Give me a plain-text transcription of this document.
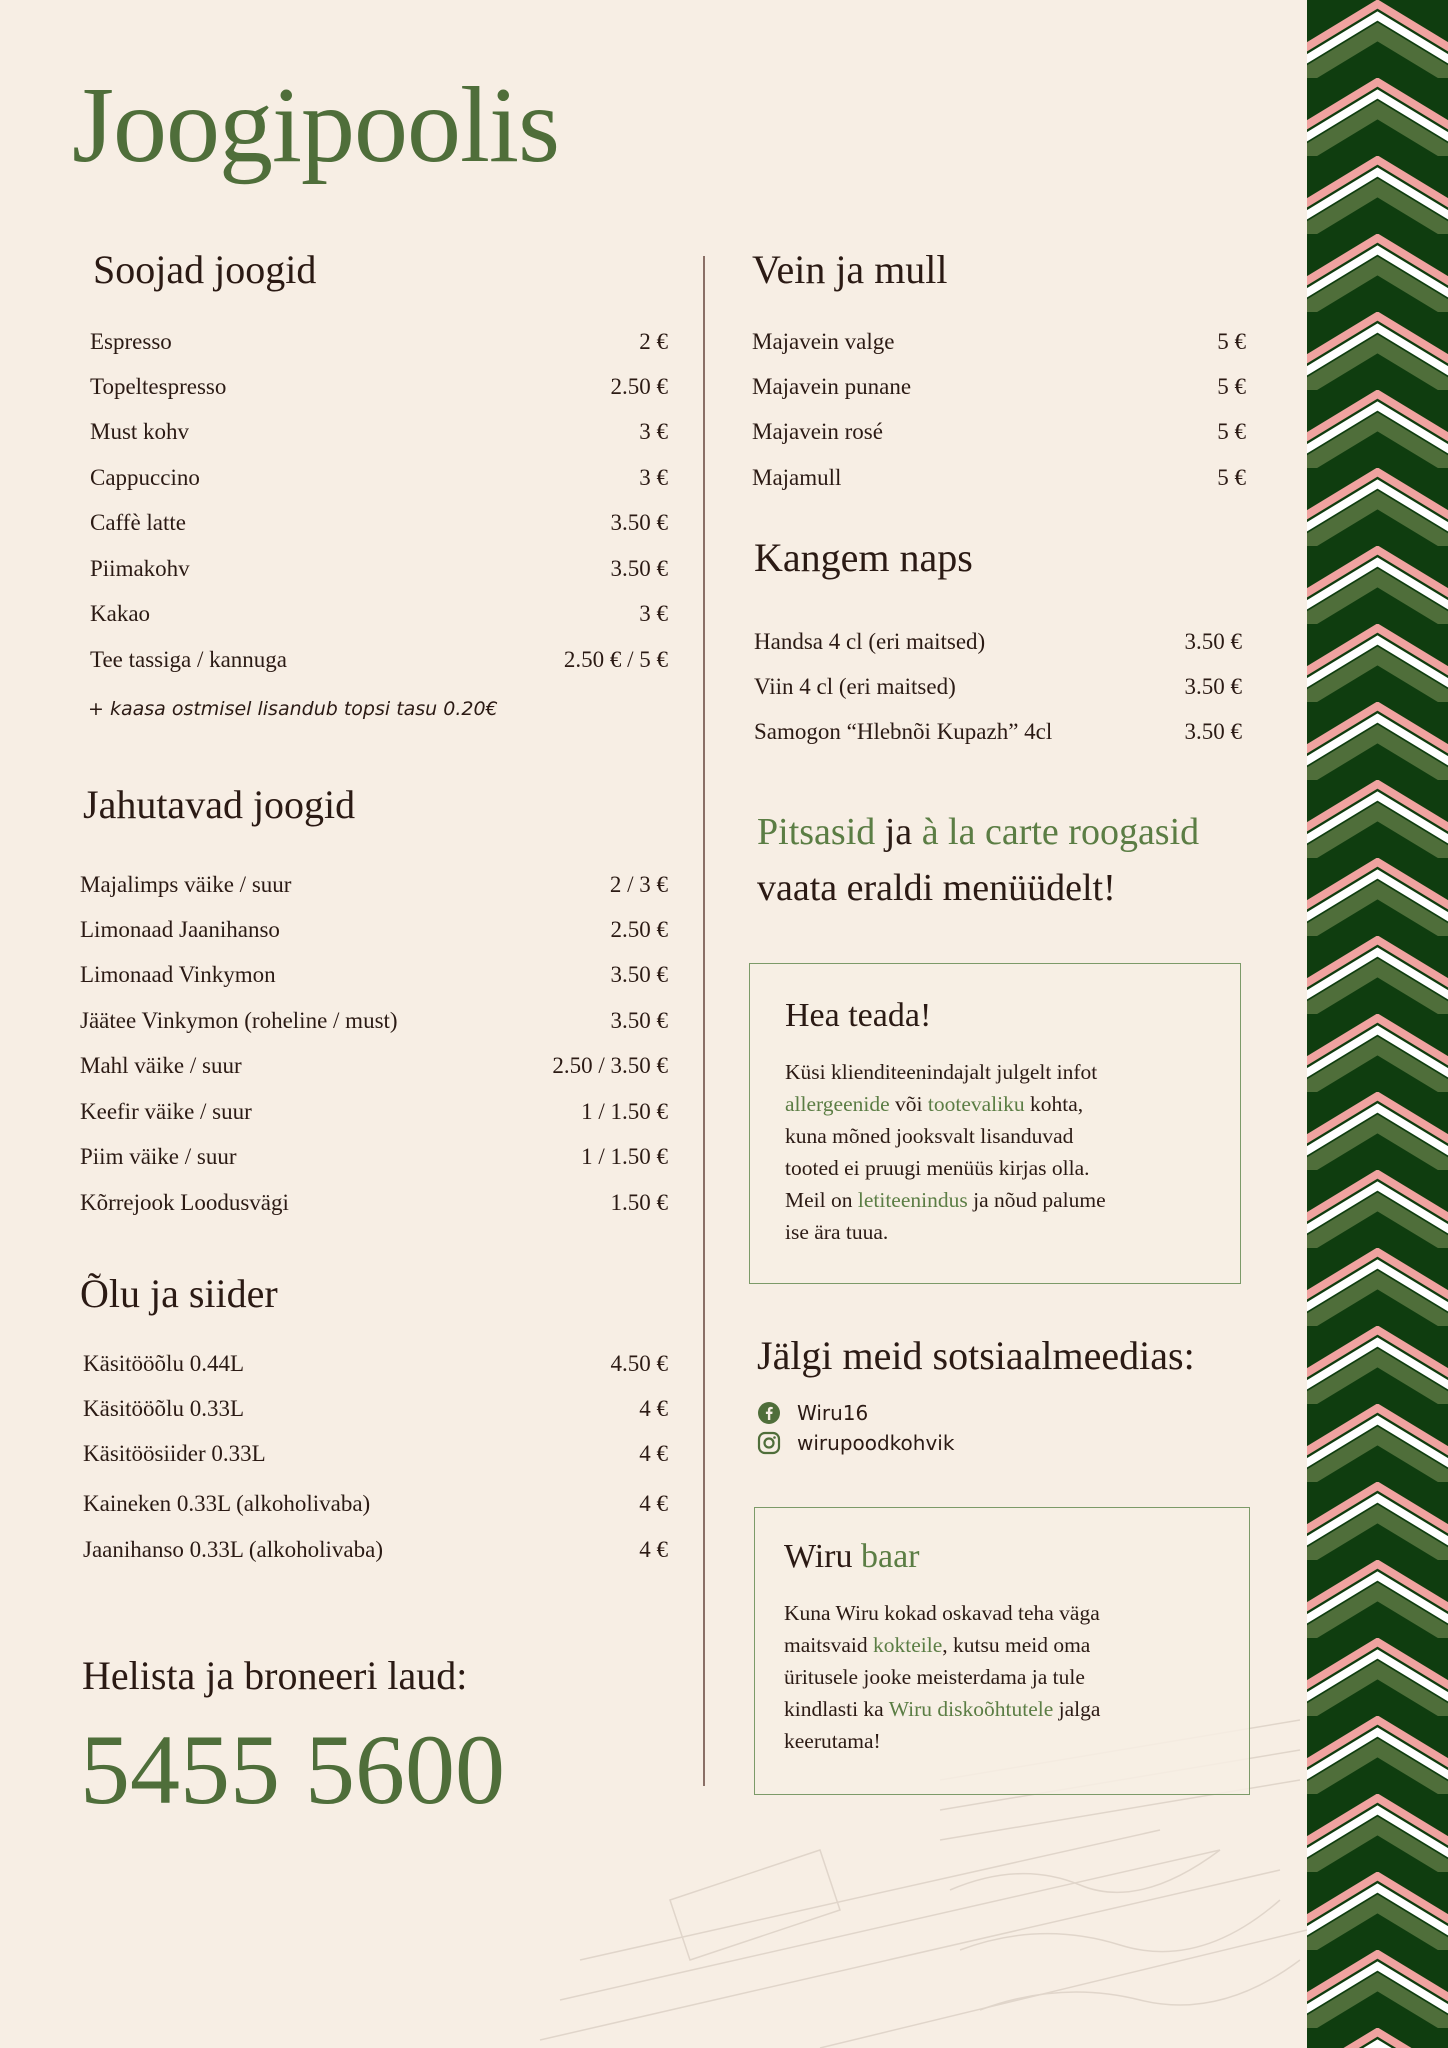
Joogipoolis
Soojad joogid
Espresso	2 €
Topeltespresso	2.50 €
Must kohv	3 €
Cappuccino	3 €
Caffè latte	3.50 €
Piimakohv	3.50 €
Kakao	3 €
Tee tassiga / kannuga	2.50 € / 5 €
+ kaasa ostmisel lisandub topsi tasu 0.20€
Jahutavad joogid
Majalimps väike / suur	2 / 3 €
Limonaad Jaanihanso	2.50 €
Limonaad Vinkymon	3.50 €
Jäätee Vinkymon (roheline / must)	3.50 €
Mahl väike / suur	2.50 / 3.50 €
Keefir väike / suur	1 / 1.50 €
Piim väike / suur	1 / 1.50 €
Kõrrejook Loodusvägi	1.50 €
Õlu ja siider
Käsitööõlu 0.44L	4.50 €
Käsitööõlu 0.33L	4 €
Käsitöösiider 0.33L	4 €
Kaineken 0.33L (alkoholivaba)	4 €
Jaanihanso 0.33L (alkoholivaba)	4 €
Helista ja broneeri laud:
5455 5600
Vein ja mull
Majavein valge	5 €
Majavein punane	5 €
Majavein rosé	5 €
Majamull	5 €
Kangem naps
Handsa 4 cl (eri maitsed)	3.50 €
Viin 4 cl (eri maitsed)	3.50 €
Samogon “Hlebnõi Kupazh” 4cl	3.50 €
Pitsasid ja à la carte roogasid
vaata eraldi menüüdelt!
Hea teada!
Küsi klienditeenindajalt julgelt infot
allergeenide või tootevaliku kohta,
kuna mõned jooksvalt lisanduvad
tooted ei pruugi menüüs kirjas olla.
Meil on letiteenindus ja nõud palume
ise ära tuua.
Jälgi meid sotsiaalmeedias:
Wiru16
wirupoodkohvik
Wiru baar
Kuna Wiru kokad oskavad teha väga
maitsvaid kokteile, kutsu meid oma
üritusele jooke meisterdama ja tule
kindlasti ka Wiru diskoõhtutele jalga
keerutama!
